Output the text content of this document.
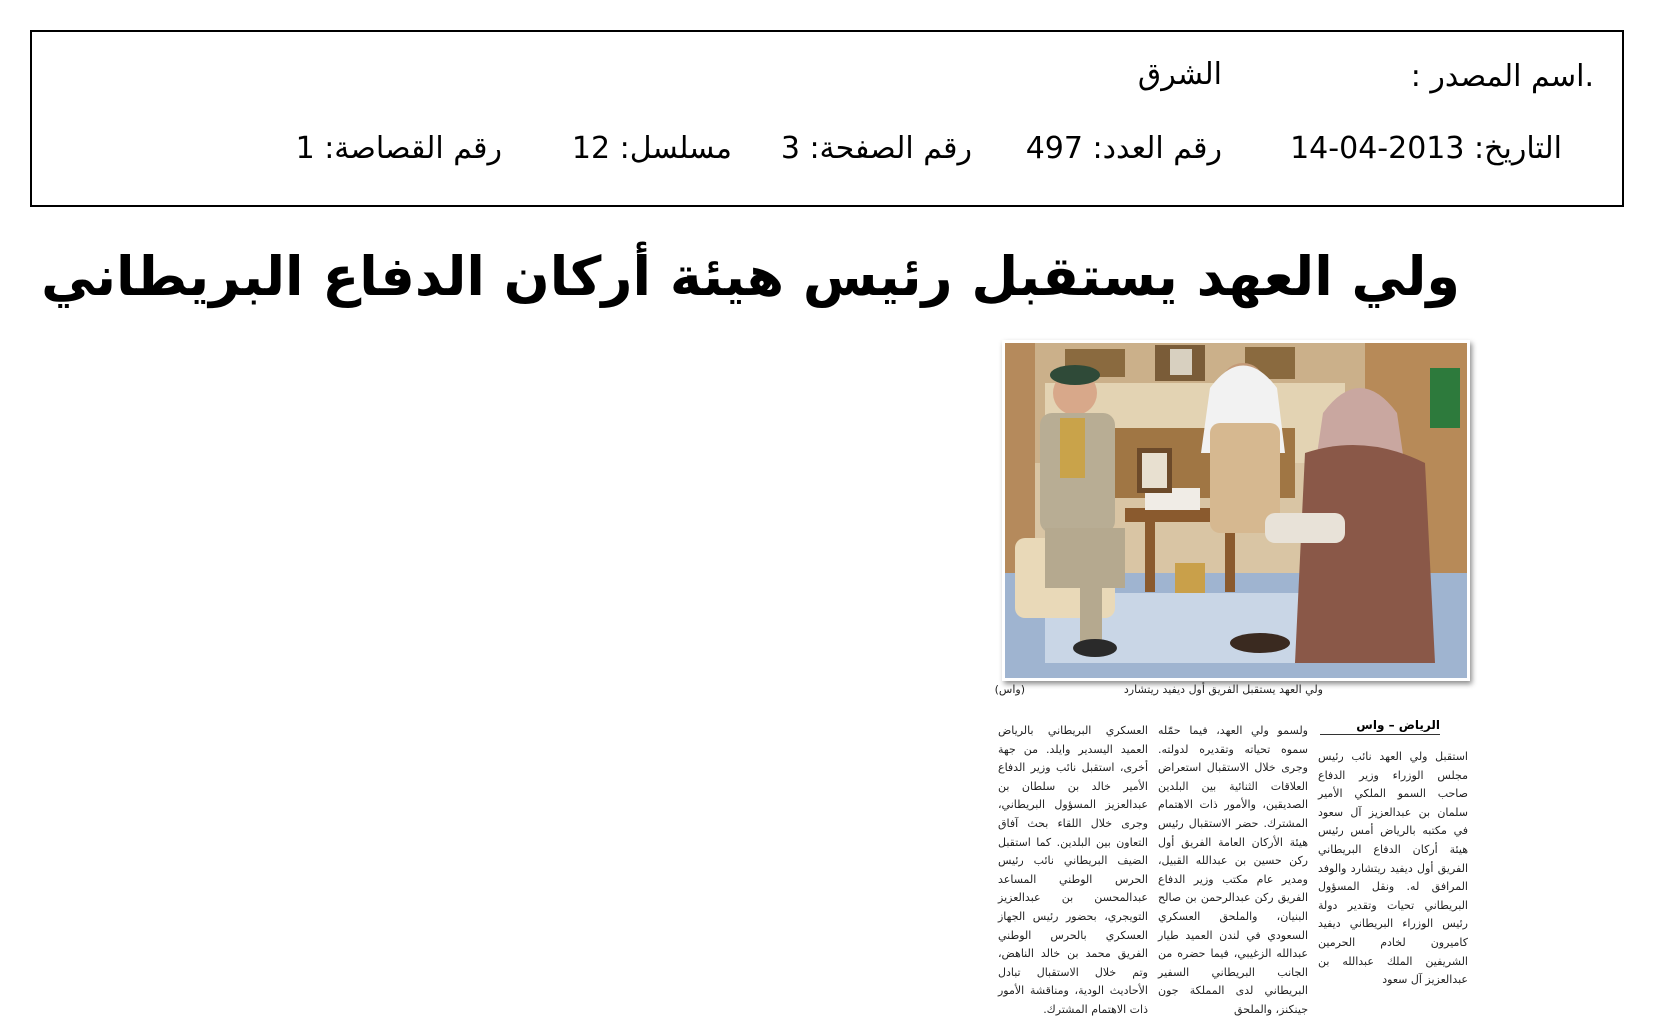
.اسم المصدر :
الشرق
التاريخ: 2013-04-14
رقم العدد: 497
رقم الصفحة: 3
مسلسل: 12
رقم القصاصة: 1
ولي العهد يستقبل رئيس هيئة أركان الدفاع البريطاني
ولي العهد يستقبل الفريق أول ديفيد ريتشارد
(واس)
الرياض – واس

استقبل ولي العهد نائب رئيس مجلس الوزراء وزير الدفاع صاحب السمو الملكي الأمير سلمان بن عبدالعزيز آل سعود في مكتبه بالرياض أمس رئيس هيئة أركان الدفاع البريطاني الفريق أول ديفيد ريتشارد والوفد المرافق له. ونقل المسؤول البريطاني تحيات وتقدير دولة رئيس الوزراء البريطاني ديفيد كاميرون لخادم الحرمين الشريفين الملك عبدالله بن عبدالعزيز آل سعود

ولسمو ولي العهد، فيما حمّله سموه تحياته وتقديره لدولته. وجرى خلال الاستقبال استعراض العلاقات الثنائية بين البلدين الصديقين، والأمور ذات الاهتمام المشترك. حضر الاستقبال رئيس هيئة الأركان العامة الفريق أول ركن حسين بن عبدالله القبيل، ومدير عام مكتب وزير الدفاع الفريق ركن عبدالرحمن بن صالح البنيان، والملحق العسكري السعودي في لندن العميد طيار عبدالله الزغيبي، فيما حضره من الجانب البريطاني السفير البريطاني لدى المملكة جون جينكنز، والملحق

العسكري البريطاني بالرياض العميد اليسدير وايلد. من جهة أخرى، استقبل نائب وزير الدفاع الأمير خالد بن سلطان بن عبدالعزيز المسؤول البريطاني، وجرى خلال اللقاء بحث آفاق التعاون بين البلدين. كما استقبل الضيف البريطاني نائب رئيس الحرس الوطني المساعد عبدالمحسن بن عبدالعزيز التويجري، بحضور رئيس الجهاز العسكري بالحرس الوطني الفريق محمد بن خالد الناهض، وتم خلال الاستقبال تبادل الأحاديث الودية، ومناقشة الأمور ذات الاهتمام المشترك.
